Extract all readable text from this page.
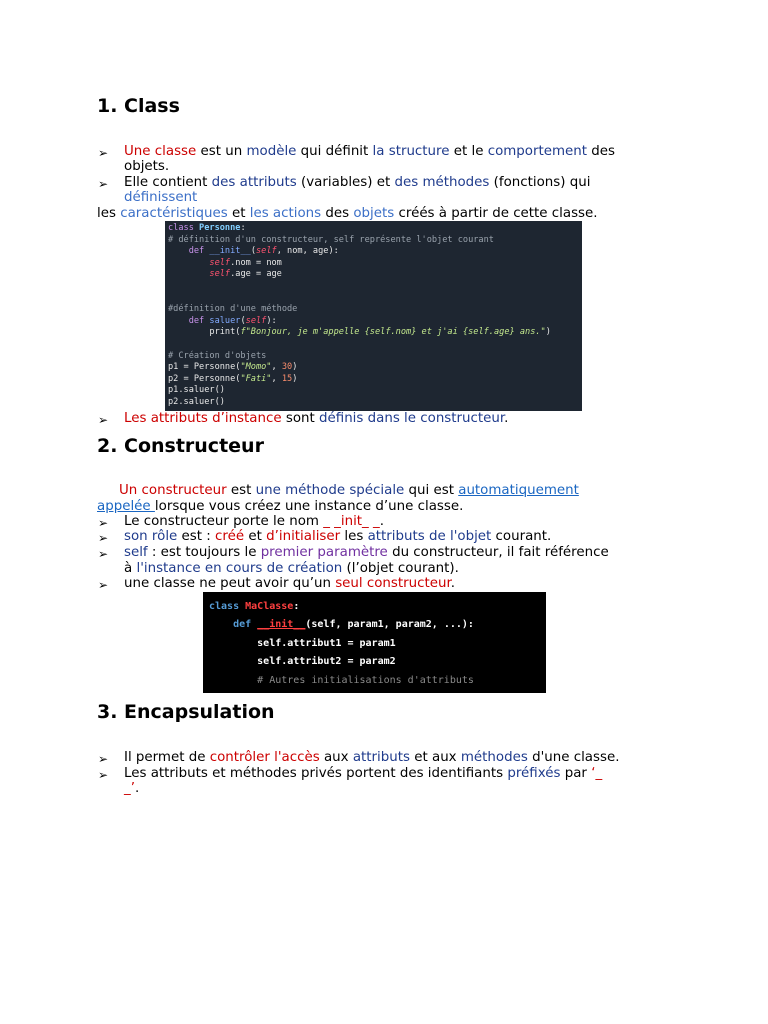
1. Class
➢ Une classe est un modèle qui définit la structure et le comportement des
objets.
➢ Elle contient des attributs (variables) et des méthodes (fonctions) qui
définissent
les caractéristiques et les actions des objets créés à partir de cette classe.
class Personne:
# définition d'un constructeur, self représente l'objet courant
def __init__(self, nom, age):
self.nom = nom
self.age = age
#définition d'une méthode
def saluer(self):
print(f"Bonjour, je m'appelle {self.nom} et j'ai {self.age} ans.")
# Création d'objets
p1 = Personne("Momo", 30)
p2 = Personne("Fati", 15)
p1.saluer()
p2.saluer()
➢ Les attributs d’instance sont définis dans le constructeur.
2. Constructeur
Un constructeur est une méthode spéciale qui est automatiquement
appelée lorsque vous créez une instance d’une classe.
➢ Le constructeur porte le nom _ _init_ _.
➢ son rôle est : créé et d’initialiser les attributs de l'objet courant.
➢ self : est toujours le premier paramètre du constructeur, il fait référence
à l'instance en cours de création (l’objet courant).
➢ une classe ne peut avoir qu’un seul constructeur.
class MaClasse:
def __init__(self, param1, param2, ...):
self.attribut1 = param1
self.attribut2 = param2
# Autres initialisations d'attributs
3. Encapsulation
➢ Il permet de contrôler l'accès aux attributs et aux méthodes d'une classe.
➢ Les attributs et méthodes privés portent des identifiants préfixés par ‘_
_’.
